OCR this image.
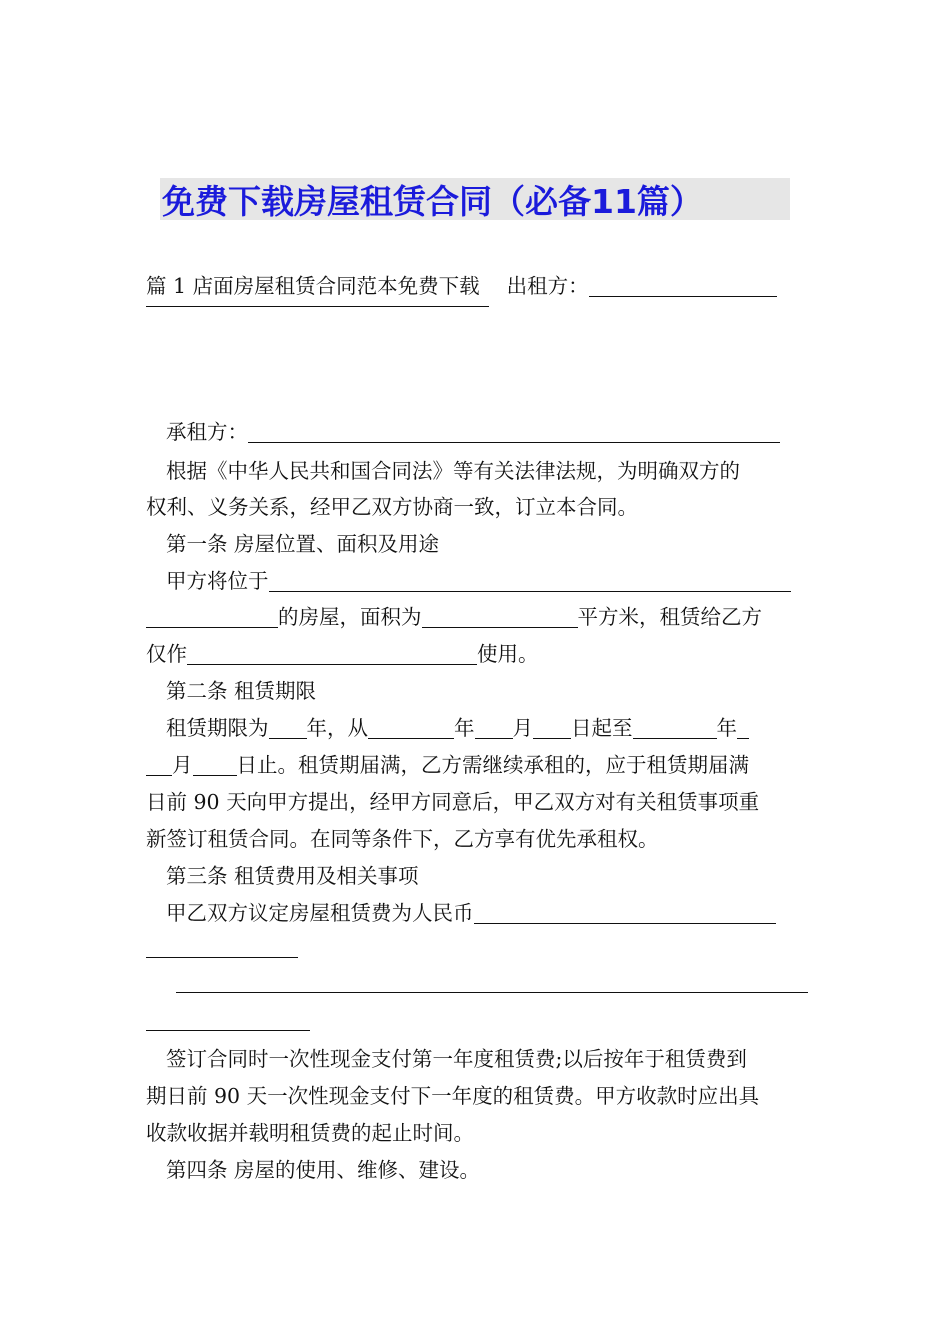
免费下载房屋租赁合同（必备11篇）
篇 1 店面房屋租赁合同范本免费下载　 出租方：
承租方：
根据《中华人民共和国合同法》等有关法律法规，为明确双方的
权利、义务关系，经甲乙双方协商一致，订立本合同。
第一条 房屋位置、面积及用途
甲方将位于
的房屋，面积为	平方米，租赁给乙方
仅作	使用。
第二条 租赁期限
租赁期限为 年，从	年 月 日起至	年
月 日止。租赁期届满，乙方需继续承租的，应于租赁期届满
日前 90 天向甲方提出，经甲方同意后，甲乙双方对有关租赁事项重
新签订租赁合同。在同等条件下，乙方享有优先承租权。
第三条 租赁费用及相关事项
甲乙双方议定房屋租赁费为人民币
签订合同时一次性现金支付第一年度租赁费;以后按年于租赁费到
期日前 90 天一次性现金支付下一年度的租赁费。甲方收款时应出具
收款收据并载明租赁费的起止时间。
第四条 房屋的使用、维修、建设。
